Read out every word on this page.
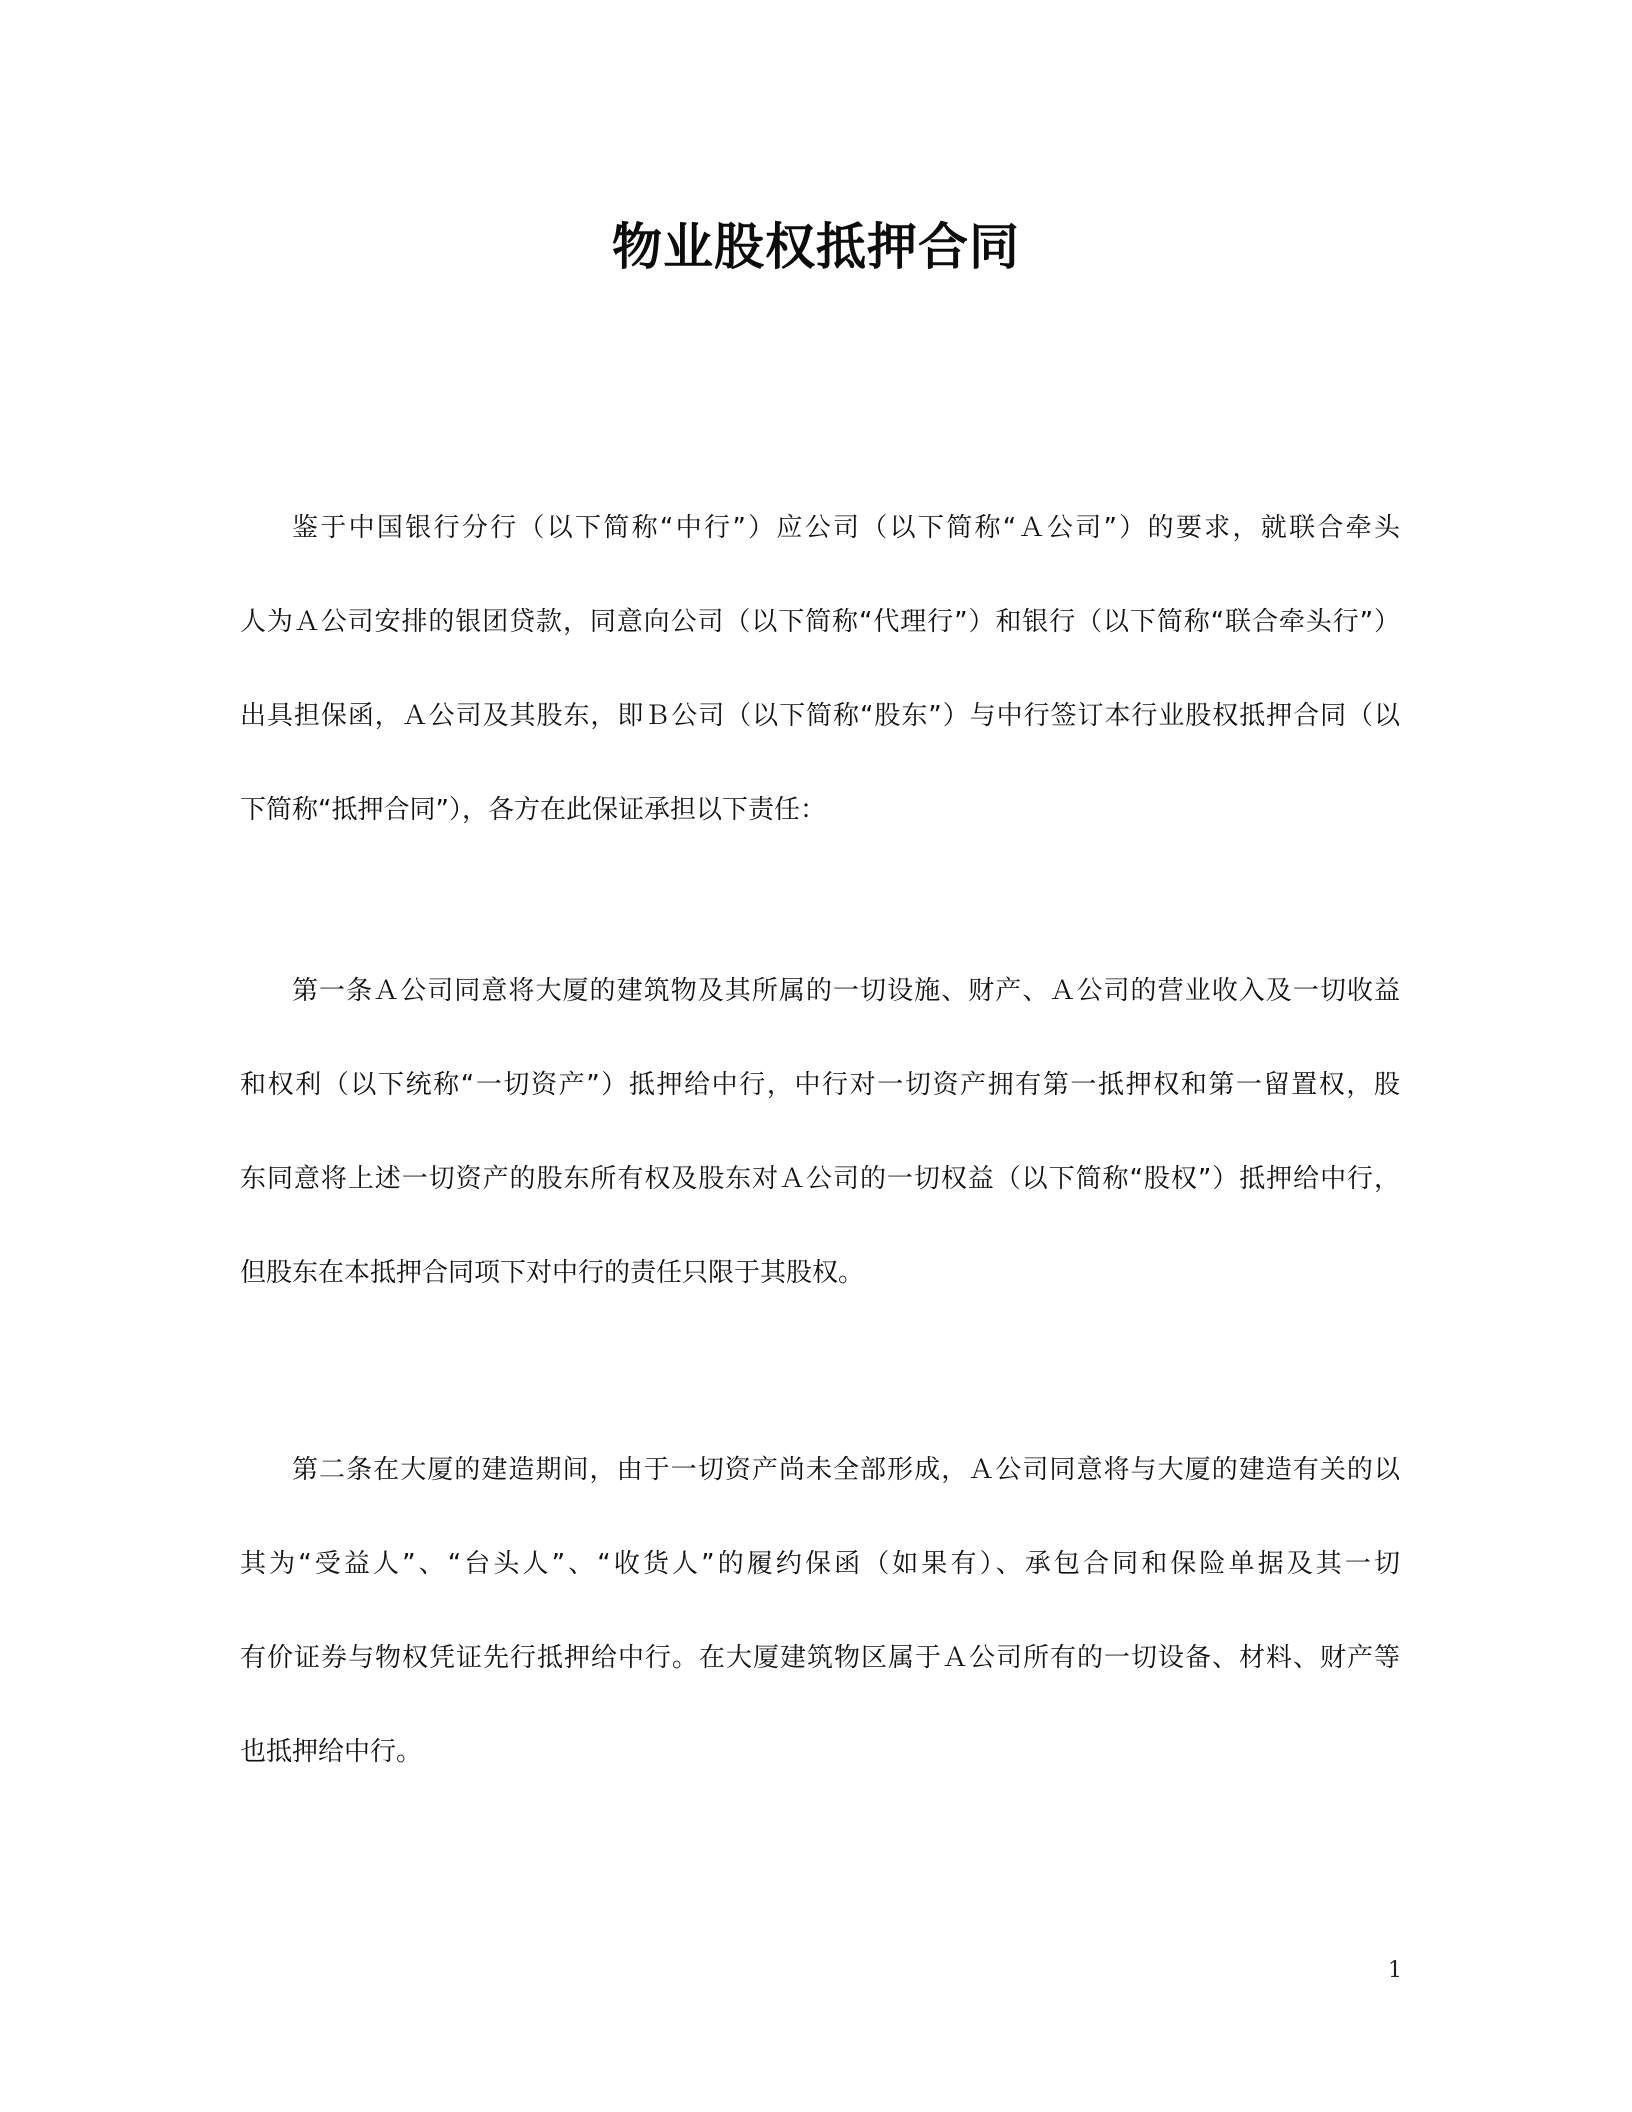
物业股权抵押合同
鉴于中国银行分行（以下简称“中行”）应公司（以下简称“Ａ公司”）的要求，就联合牵头
人为Ａ公司安排的银团贷款，同意向公司（以下简称“代理行”）和银行（以下简称“联合牵头行”）
出具担保函，Ａ公司及其股东，即Ｂ公司（以下简称“股东”）与中行签订本行业股权抵押合同（以
下简称“抵押合同”），各方在此保证承担以下责任：
第一条Ａ公司同意将大厦的建筑物及其所属的一切设施、财产、Ａ公司的营业收入及一切收益
和权利（以下统称“一切资产”）抵押给中行，中行对一切资产拥有第一抵押权和第一留置权，股
东同意将上述一切资产的股东所有权及股东对Ａ公司的一切权益（以下简称“股权”）抵押给中行，
但股东在本抵押合同项下对中行的责任只限于其股权。
第二条在大厦的建造期间，由于一切资产尚未全部形成，Ａ公司同意将与大厦的建造有关的以
其为“受益人”、“台头人”、“收货人”的履约保函（如果有）、承包合同和保险单据及其一切
有价证券与物权凭证先行抵押给中行。在大厦建筑物区属于Ａ公司所有的一切设备、材料、财产等
也抵押给中行。
1
